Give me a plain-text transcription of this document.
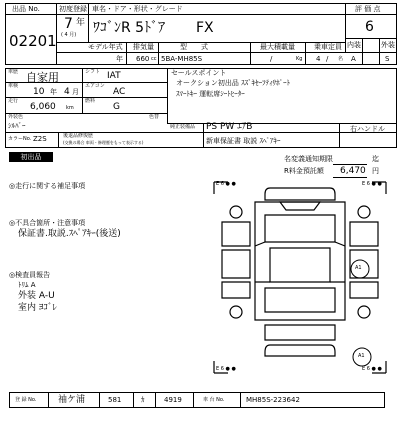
出品 No.
02201
初度登録 車名・ドア・形状・グレード
7 年
( 4 月) ﾜｺﾞﾝR 5ﾄﾞｱ FX
モデル年式 排気量	型　　式	最大積載量	乗車定員
年 660 cc 5BA-MH85S	/	Kg 4 / 名
評 価 点
6
内装	外装
A	S
車歴 自家用	シフト IAT
車検
10 年 4 月
エアコン
AC
走行
6,060 km
燃料
G
外装色
ｼﾙﾊﾞｰ
色替
カラーNo. Z2S	後退品修復歴
(交換の場合 車両・修理歴をもって表示する)
セールスポイント
オークション初出品 ｽｽﾞｷｾｰﾌﾃｨｻﾎﾟｰﾄ
ｽﾏｰﾄｷｰ 運転席ｼｰﾄﾋｰﾀｰ
純正装備品 PS PW ｴｱB	右ハンドル
新車保証書 取説 ｽﾍﾟｱｷｰ
初出品	名変義通知期限	迄
R料金預託額 6,470 円
◎走行に関する補足事項
◎不具合箇所・注意事項
保証書.取説.ｽﾍﾟｱｷｰ(後送)
◎検査員報告
ﾄﾘﾑ A
外装 A-U
室内 ﾖｺﾞﾚ
E 6 ● ●	E 6 ● ●
E 6 ● ●	E 6 ● ●
A1
A1
登 録 No. 袖ケ浦	581	ｶ	4919	車 台 No.	MH85S-223642
